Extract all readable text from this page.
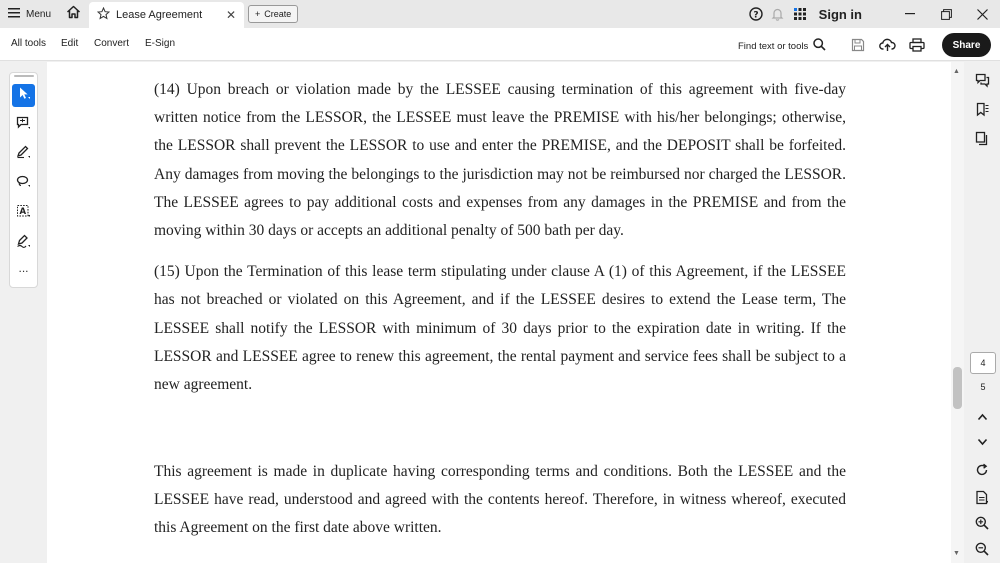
Menu	Lease Agreement ✕ + Create	?	Sign in
All tools Edit Convert E-Sign	Find text or tools	Share
A
...

(14) Upon breach or violation made by the LESSEE causing termination of this agreement with five-day written notice from the LESSOR, the LESSEE must leave the PREMISE with his/her belongings; otherwise, the LESSOR shall prevent the LESSOR to use and enter the PREMISE, and the DEPOSIT shall be forfeited. Any damages from moving the belongings to the jurisdiction may not be reimbursed nor charged the LESSOR. The LESSEE agrees to pay additional costs and expenses from any damages in the PREMISE and from the moving within 30 days or accepts an additional penalty of 500 bath per day.

(15) Upon the Termination of this lease term stipulating under clause A (1) of this Agreement, if the LESSEE has not breached or violated on this Agreement, and if the LESSEE desires to extend the Lease term, The LESSEE shall notify the LESSOR with minimum of 30 days prior to the expiration date in writing. If the LESSOR and LESSEE agree to renew this agreement, the rental payment and service fees shall be subject to a new agreement.

This agreement is made in duplicate having corresponding terms and conditions. Both the LESSEE and the LESSEE have read, understood and agreed with the contents hereof. Therefore, in witness whereof, executed this Agreement on the first date above written.

▲
▼
4
5
